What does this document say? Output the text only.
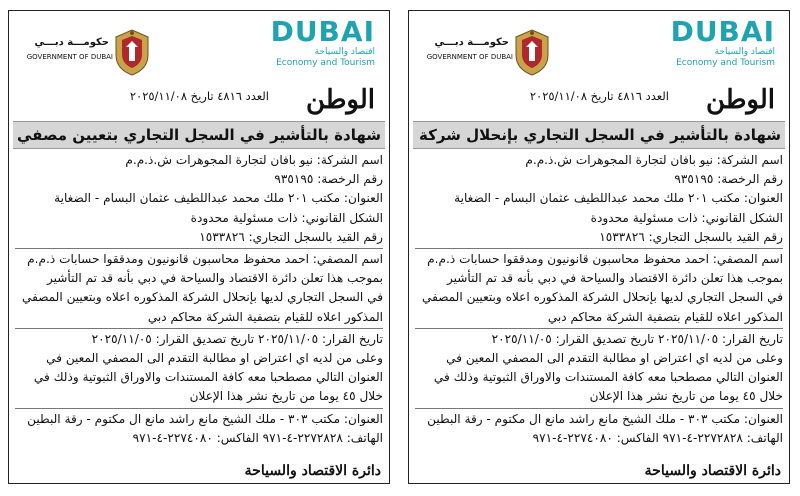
DUBAI
اقتصاد والسياحة
Economy and Tourism
حكومـــة دبـــي
GOVERNMENT OF DUBAI
الوطن
العدد ٤٨١٦ تاريخ ٢٠٢٥/١١/٠٨
شهادة بالتأشير في السجل التجاري بإنحلال شركة

اسم الشركة: نيو بافان لتجارة المجوهرات ش.ذ.م.م

رقم الرخصة: ٩٣٥١٩٥

العنوان: مكتب ٢٠١ ملك محمد عبداللطيف عثمان البسام - الضغاية

الشكل القانوني: ذات مسئولية محدودة

رقم القيد بالسجل التجاري: ١٥٣٣٨٢٦

اسم المصفي: احمد محفوظ محاسبون قانونيون ومدققوا حسابات ذ.م.م

بموجب هذا تعلن دائرة الاقتصاد والسياحة في دبي بأنه قد تم التأشير

في السجل التجاري لديها بإنحلال الشركة المذكوره اعلاه وبتعيين المصفي

المذكور اعلاه للقيام بتصفية الشركة محاكم دبي

تاريخ القرار: ٢٠٢٥/١١/٠٥ تاريخ تصديق القرار: ٢٠٢٥/١١/٠٥

وعلى من لديه اي اعتراض او مطالبة التقدم الى المصفي المعين في

العنوان التالي مصطحبا معه كافة المستندات والاوراق الثبوتية وذلك في

خلال ٤٥ يوما من تاريخ نشر هذا الإعلان

العنوان: مكتب ٣٠٣ - ملك الشيخ مانع راشد مانع ال مكتوم - رقة البطين

الهاتف: ٢٢٧٢٨٢٨-٤-٩٧١ الفاكس: ٢٢٧٤٠٨٠-٤-٩٧١

دائرة الاقتصاد والسياحة
DUBAI
اقتصاد والسياحة
Economy and Tourism
حكومـــة دبـــي
GOVERNMENT OF DUBAI
الوطن
العدد ٤٨١٦ تاريخ ٢٠٢٥/١١/٠٨
شهادة بالتأشير في السجل التجاري بتعيين مصفي

اسم الشركة: نيو بافان لتجارة المجوهرات ش.ذ.م.م

رقم الرخصة: ٩٣٥١٩٥

العنوان: مكتب ٢٠١ ملك محمد عبداللطيف عثمان البسام - الضغاية

الشكل القانوني: ذات مسئولية محدودة

رقم القيد بالسجل التجاري: ١٥٣٣٨٢٦

اسم المصفي: احمد محفوظ محاسبون قانونيون ومدققوا حسابات ذ.م.م

بموجب هذا تعلن دائرة الاقتصاد والسياحة في دبي بأنه قد تم التأشير

في السجل التجاري لديها بإنحلال الشركة المذكوره اعلاه وبتعيين المصفي

المذكور اعلاه للقيام بتصفية الشركة محاكم دبي

تاريخ القرار: ٢٠٢٥/١١/٠٥ تاريخ تصديق القرار: ٢٠٢٥/١١/٠٥

وعلى من لديه اي اعتراض او مطالبة التقدم الى المصفي المعين في

العنوان التالي مصطحبا معه كافة المستندات والاوراق الثبوتية وذلك في

خلال ٤٥ يوما من تاريخ نشر هذا الإعلان

العنوان: مكتب ٣٠٣ - ملك الشيخ مانع راشد مانع ال مكتوم - رقة البطين

الهاتف: ٢٢٧٢٨٢٨-٤-٩٧١ الفاكس: ٢٢٧٤٠٨٠-٤-٩٧١

دائرة الاقتصاد والسياحة
